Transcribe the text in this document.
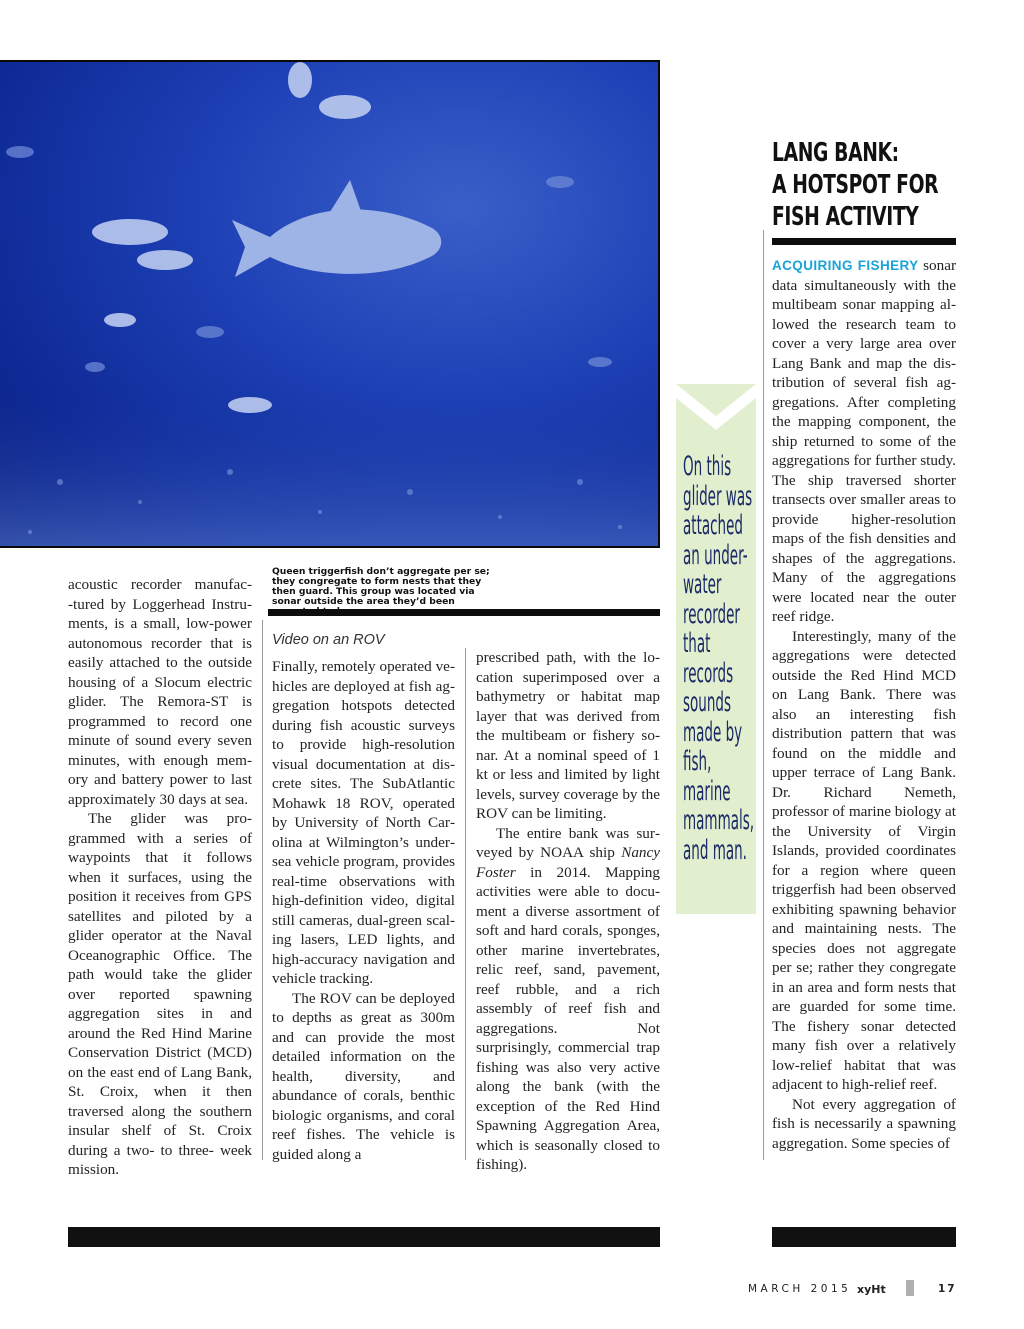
Queen triggerfish don’t aggregate per se; they congregate to form nests that they then guard. This group was located via sonar outside the area they’d been

acoustic recorder manufac‑tured by Loggerhead Instruments, is a small, low‑power autonomous recorder that is easily attached to the outside housing of a Slocum electric glider. The Remora‑ST is programmed to record one minute of sound every seven minutes, with enough memory and battery power to last approximately 30 days at sea.

The glider was programmed with a series of waypoints that it follows when it surfaces, using the position it receives from GPS satellites and piloted by a glider operator at the Naval Oceanographic Office. The path would take the glider over reported spawning aggregation sites in and around the Red Hind Marine Conservation District (MCD) on the east end of Lang Bank, St. Croix, when it then traversed along the southern insular shelf of St. Croix during a two‑ to three‑ week mission.

Video on an ROV

Finally, remotely operated vehicles are deployed at fish aggregation hotspots detected during fish acoustic surveys to provide high‑resolution visual documentation at discrete sites. The SubAtlantic Mohawk 18 ROV, operated by University of North Carolina at Wilmington’s undersea vehicle program, provides real‑time observations with high‑definition video, digital still cameras, dual‑green scaling lasers, LED lights, and high‑accuracy navigation and vehicle tracking.

The ROV can be deployed to depths as great as 300m and can provide the most detailed information on the health, diversity, and abundance of corals, benthic biologic organisms, and coral reef fishes. The vehicle is guided along a

prescribed path, with the location superimposed over a bathymetry or habitat map layer that was derived from the multibeam or fishery sonar. At a nominal speed of 1 kt or less and limited by light levels, survey coverage by the ROV can be limiting.

The entire bank was surveyed by NOAA ship Nancy Foster in 2014. Mapping activities were able to document a diverse assortment of soft and hard corals, sponges, other marine invertebrates, relic reef, sand, pavement, reef rubble, and a rich assembly of reef fish and aggregations. Not surprisingly, commercial trap fishing was also very active along the bank (with the exception of the Red Hind Spawning Aggregation Area, which is seasonally closed to fishing).

On this
glider was
attached
an under-
water
recorder
that
records
sounds
made by
fish,
marine
mammals,
and man.
LANG BANK:
A HOTSPOT FOR
FISH ACTIVITY

ACQUIRING FISHERY sonar data simultaneously with the multibeam sonar mapping allowed the research team to cover a very large area over Lang Bank and map the distribution of several fish aggregations. After completing the mapping component, the ship returned to some of the aggregations for further study. The ship traversed shorter transects over smaller areas to provide higher‑resolution maps of the fish densities and shapes of the aggregations. Many of the aggregations were located near the outer reef ridge.

Interestingly, many of the aggregations were detected outside the Red Hind MCD on Lang Bank. There was also an interesting fish distribution pattern that was found on the middle and upper terrace of Lang Bank. Dr. Richard Nemeth, professor of marine biology at the University of Virgin Islands, provided coordinates for a region where queen triggerfish had been observed exhibiting spawning behavior and maintaining nests. The species does not aggregate per se; rather they congregate in an area and form nests that are guarded for some time. The fishery sonar detected many fish over a relatively low‑relief habitat that was adjacent to high‑relief reef.

Not every aggregation of fish is necessarily a spawning aggregation. Some species of

MARCH 2015 xyHt	17
